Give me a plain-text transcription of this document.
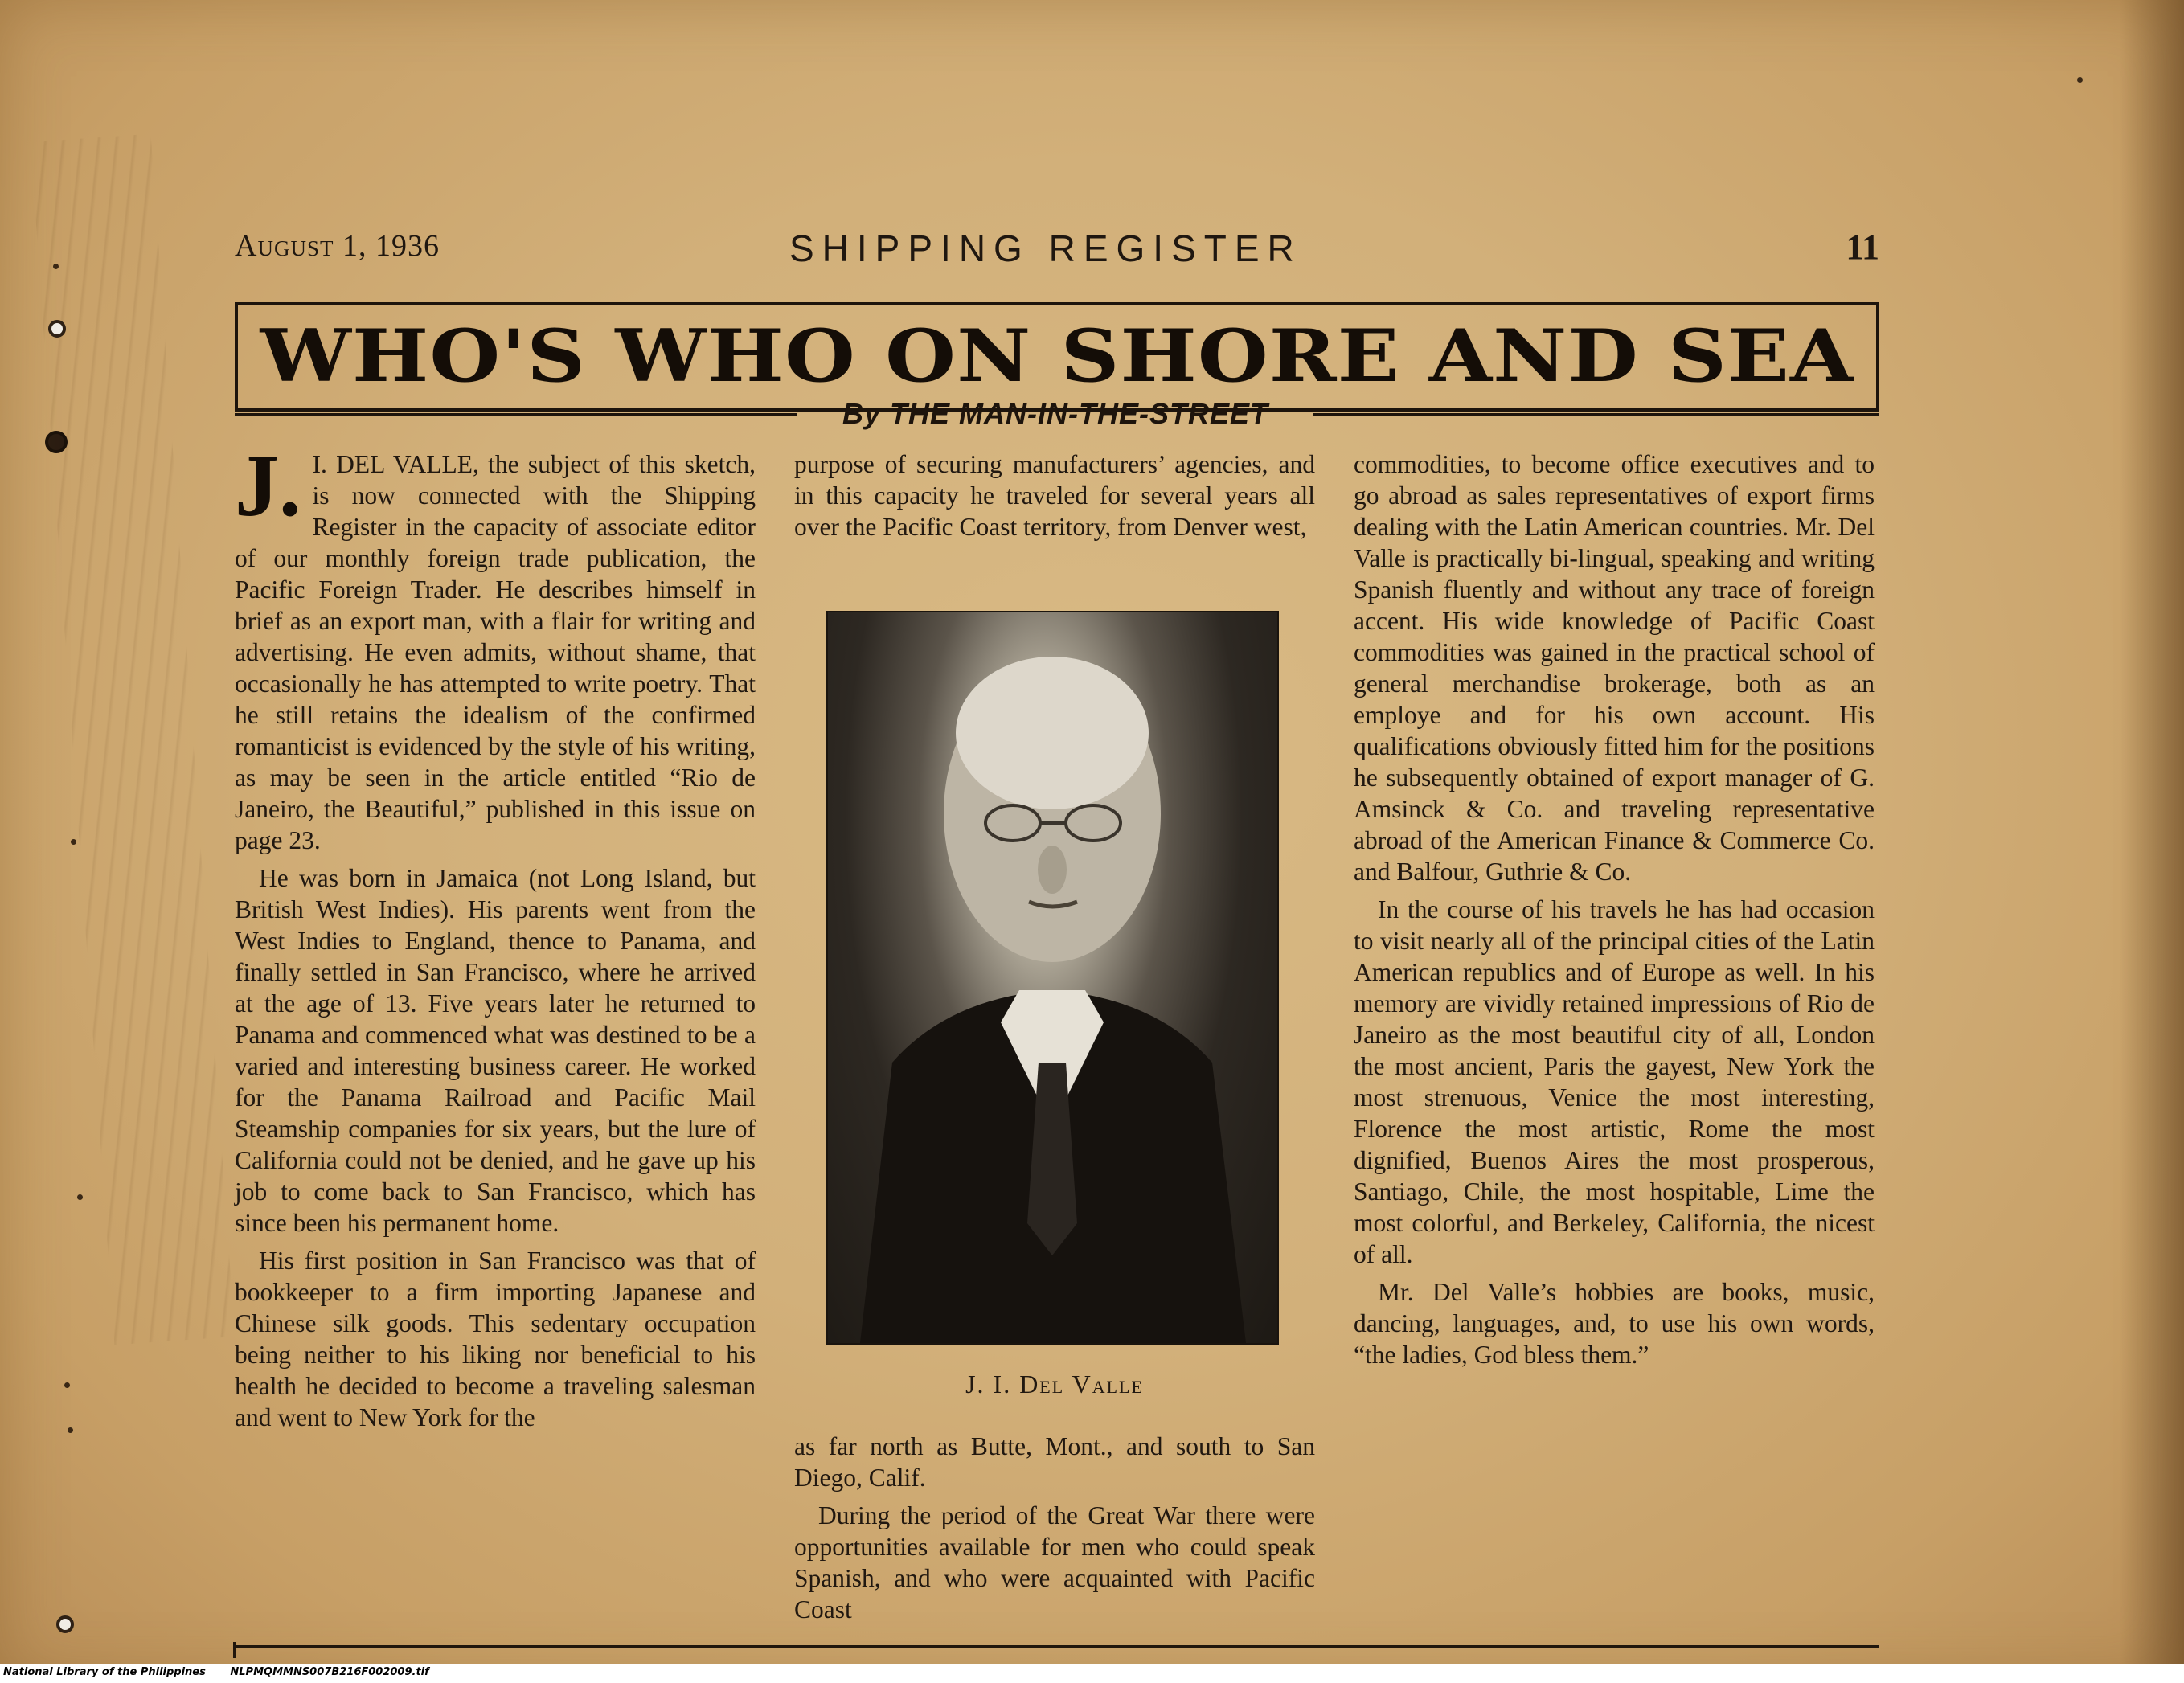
August 1, 1936	SHIPPING REGISTER	11
WHO'S WHO ON SHORE AND SEA
By THE MAN-IN-THE-STREET

J. I. DEL VALLE, the subject of this sketch, is now connected with the Shipping Register in the capacity of associate editor of our monthly foreign trade publication, the Pacific Foreign Trader. He describes himself in brief as an export man, with a flair for writing and advertising. He even admits, without shame, that occasionally he has attempted to write poetry. That he still retains the idealism of the confirmed romanticist is evidenced by the style of his writing, as may be seen in the article entitled “Rio de Janeiro, the Beautiful,” published in this issue on page 23.

He was born in Jamaica (not Long Island, but British West Indies). His parents went from the West Indies to England, thence to Panama, and finally settled in San Francisco, where he arrived at the age of 13. Five years later he returned to Panama and commenced what was destined to be a varied and interesting business career. He worked for the Panama Railroad and Pacific Mail Steamship companies for six years, but the lure of California could not be denied, and he gave up his job to come back to San Francisco, which has since been his permanent home.

His first position in San Francisco was that of bookkeeper to a firm importing Japanese and Chinese silk goods. This sedentary occupation being neither to his liking nor beneficial to his health he decided to become a traveling salesman and went to New York for the

purpose of securing manufacturers’ agencies, and in this capacity he traveled for several years all over the Pacific Coast territory, from Denver west,

J. I. Del Valle

as far north as Butte, Mont., and south to San Diego, Calif.

During the period of the Great War there were opportunities available for men who could speak Spanish, and who were acquainted with Pacific Coast

commodities, to become office executives and to go abroad as sales representatives of export firms dealing with the Latin American countries. Mr. Del Valle is practically bi-lingual, speaking and writing Spanish fluently and without any trace of foreign accent. His wide knowledge of Pacific Coast commodities was gained in the practical school of general merchandise brokerage, both as an employe and for his own account. His qualifications obviously fitted him for the positions he subsequently obtained of export manager of G. Amsinck & Co. and traveling representative abroad of the American Finance & Commerce Co. and Balfour, Guthrie & Co.

In the course of his travels he has had occasion to visit nearly all of the principal cities of the Latin American republics and of Europe as well. In his memory are vividly retained impressions of Rio de Janeiro as the most beautiful city of all, London the most ancient, Paris the gayest, New York the most strenuous, Venice the most interesting, Florence the most artistic, Rome the most dignified, Buenos Aires the most prosperous, Santiago, Chile, the most hospitable, Lime the most colorful, and Berkeley, California, the nicest of all.

Mr. Del Valle’s hobbies are books, music, dancing, languages, and, to use his own words, “the ladies, God bless them.”

National Library of the Philippines NLPMQMMNS007B216F002009.tif
